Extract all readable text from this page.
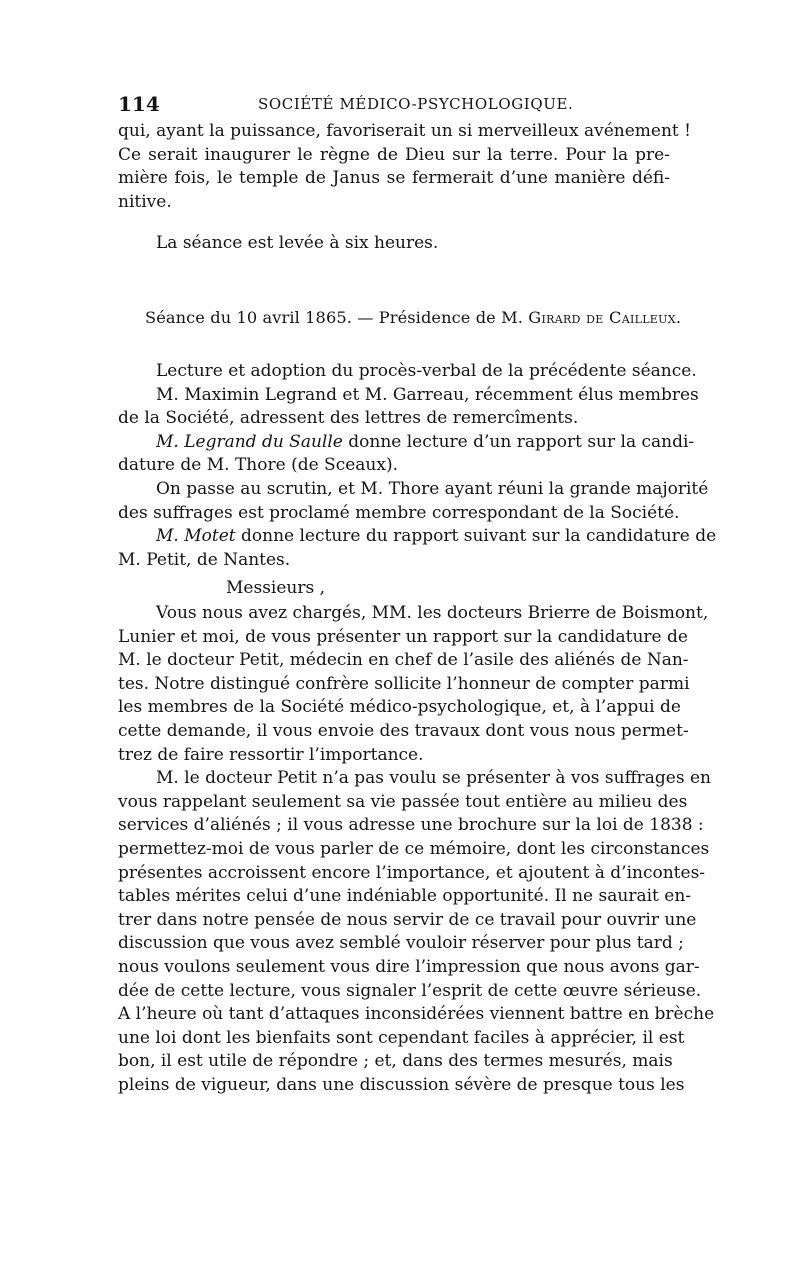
114	SOCIÉTÉ MÉDICO-PSYCHOLOGIQUE.
qui, ayant la puissance, favoriserait un si merveilleux avénement !
Ce serait inaugurer le règne de Dieu sur la terre. Pour la pre-
mière fois, le temple de Janus se fermerait d’une manière défi-
nitive.
La séance est levée à six heures.
Séance du 10 avril 1865. — Présidence de M. Girard de Cailleux.
Lecture et adoption du procès-verbal de la précédente séance.
M. Maximin Legrand et M. Garreau, récemment élus membres
de la Société, adressent des lettres de remercîments.
M. Legrand du Saulle donne lecture d’un rapport sur la candi-
dature de M. Thore (de Sceaux).
On passe au scrutin, et M. Thore ayant réuni la grande majorité
des suffrages est proclamé membre correspondant de la Société.
M. Motet donne lecture du rapport suivant sur la candidature de
M. Petit, de Nantes.
Messieurs ,
Vous nous avez chargés, MM. les docteurs Brierre de Boismont,
Lunier et moi, de vous présenter un rapport sur la candidature de
M. le docteur Petit, médecin en chef de l’asile des aliénés de Nan-
tes. Notre distingué confrère sollicite l’honneur de compter parmi
les membres de la Société médico-psychologique, et, à l’appui de
cette demande, il vous envoie des travaux dont vous nous permet-
trez de faire ressortir l’importance.
M. le docteur Petit n’a pas voulu se présenter à vos suffrages en
vous rappelant seulement sa vie passée tout entière au milieu des
services d’aliénés ; il vous adresse une brochure sur la loi de 1838 :
permettez-moi de vous parler de ce mémoire, dont les circonstances
présentes accroissent encore l’importance, et ajoutent à d’incontes-
tables mérites celui d’une indéniable opportunité. Il ne saurait en-
trer dans notre pensée de nous servir de ce travail pour ouvrir une
discussion que vous avez semblé vouloir réserver pour plus tard ;
nous voulons seulement vous dire l’impression que nous avons gar-
dée de cette lecture, vous signaler l’esprit de cette œuvre sérieuse.
A l’heure où tant d’attaques inconsidérées viennent battre en brèche
une loi dont les bienfaits sont cependant faciles à apprécier, il est
bon, il est utile de répondre ; et, dans des termes mesurés, mais
pleins de vigueur, dans une discussion sévère de presque tous les
